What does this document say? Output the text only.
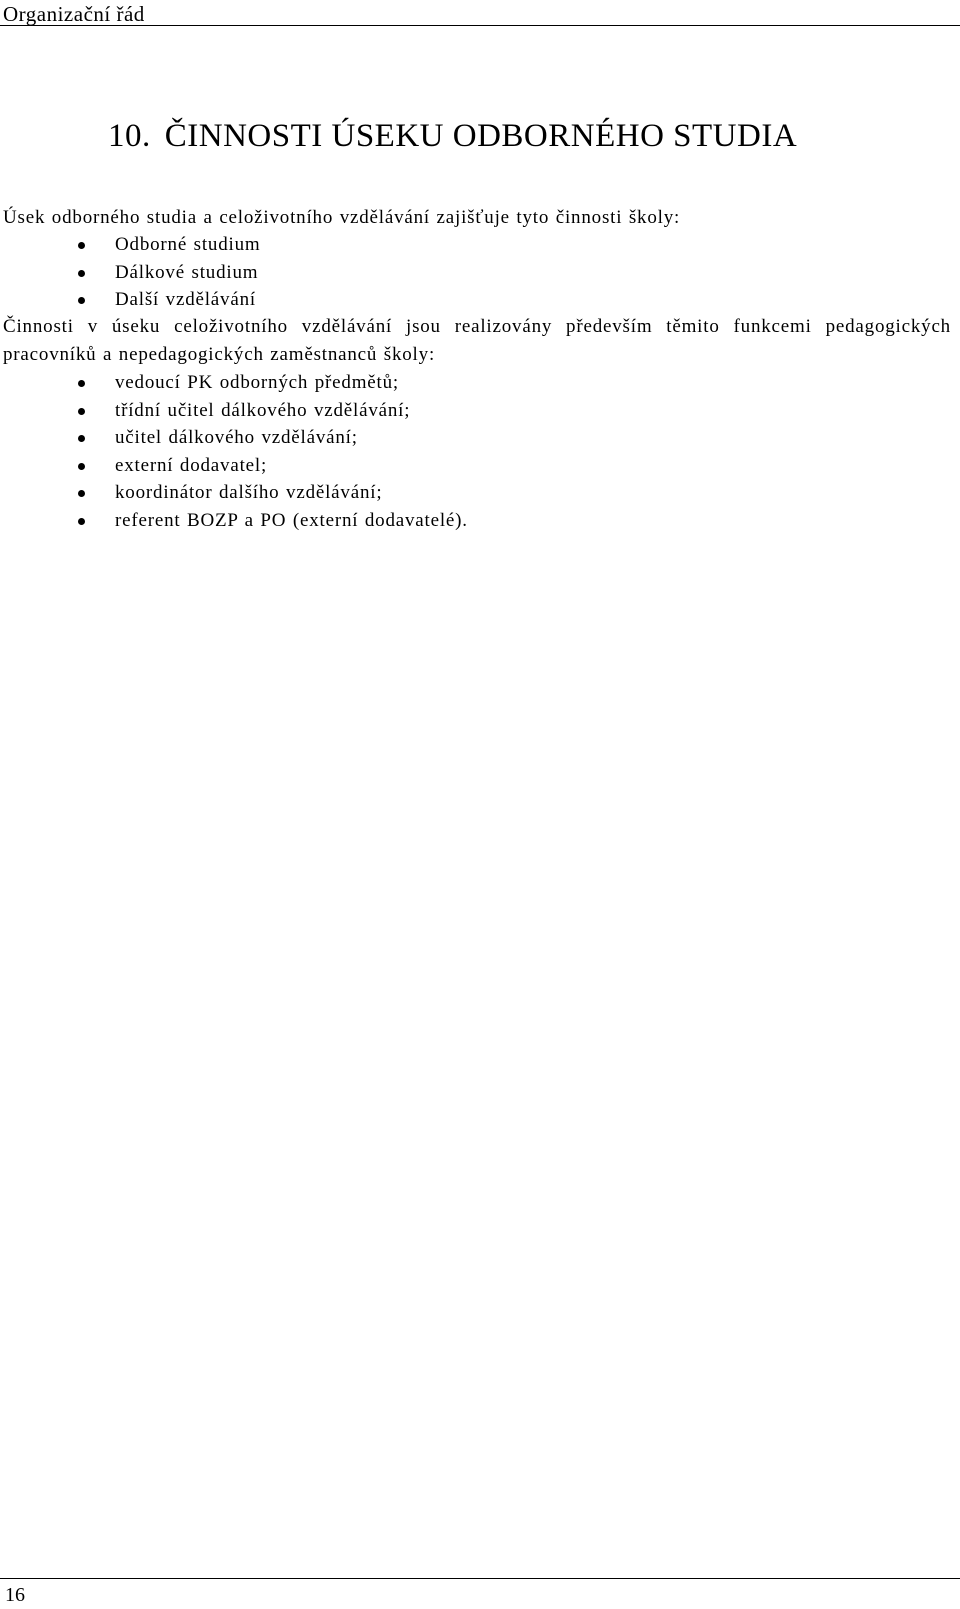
Organizační řád
10. ČINNOSTI ÚSEKU ODBORNÉHO STUDIA

Úsek odborného studia a celoživotního vzdělávání zajišťuje tyto činnosti školy:

Odborné studium
Dálkové studium
Další vzdělávání

Činnosti v úseku celoživotního vzdělávání jsou realizovány především těmito funkcemi pedagogických pracovníků a nepedagogických zaměstnanců školy:

vedoucí PK odborných předmětů;
třídní učitel dálkového vzdělávání;
učitel dálkového vzdělávání;
externí dodavatel;
koordinátor dalšího vzdělávání;
referent BOZP a PO (externí dodavatelé).
16
